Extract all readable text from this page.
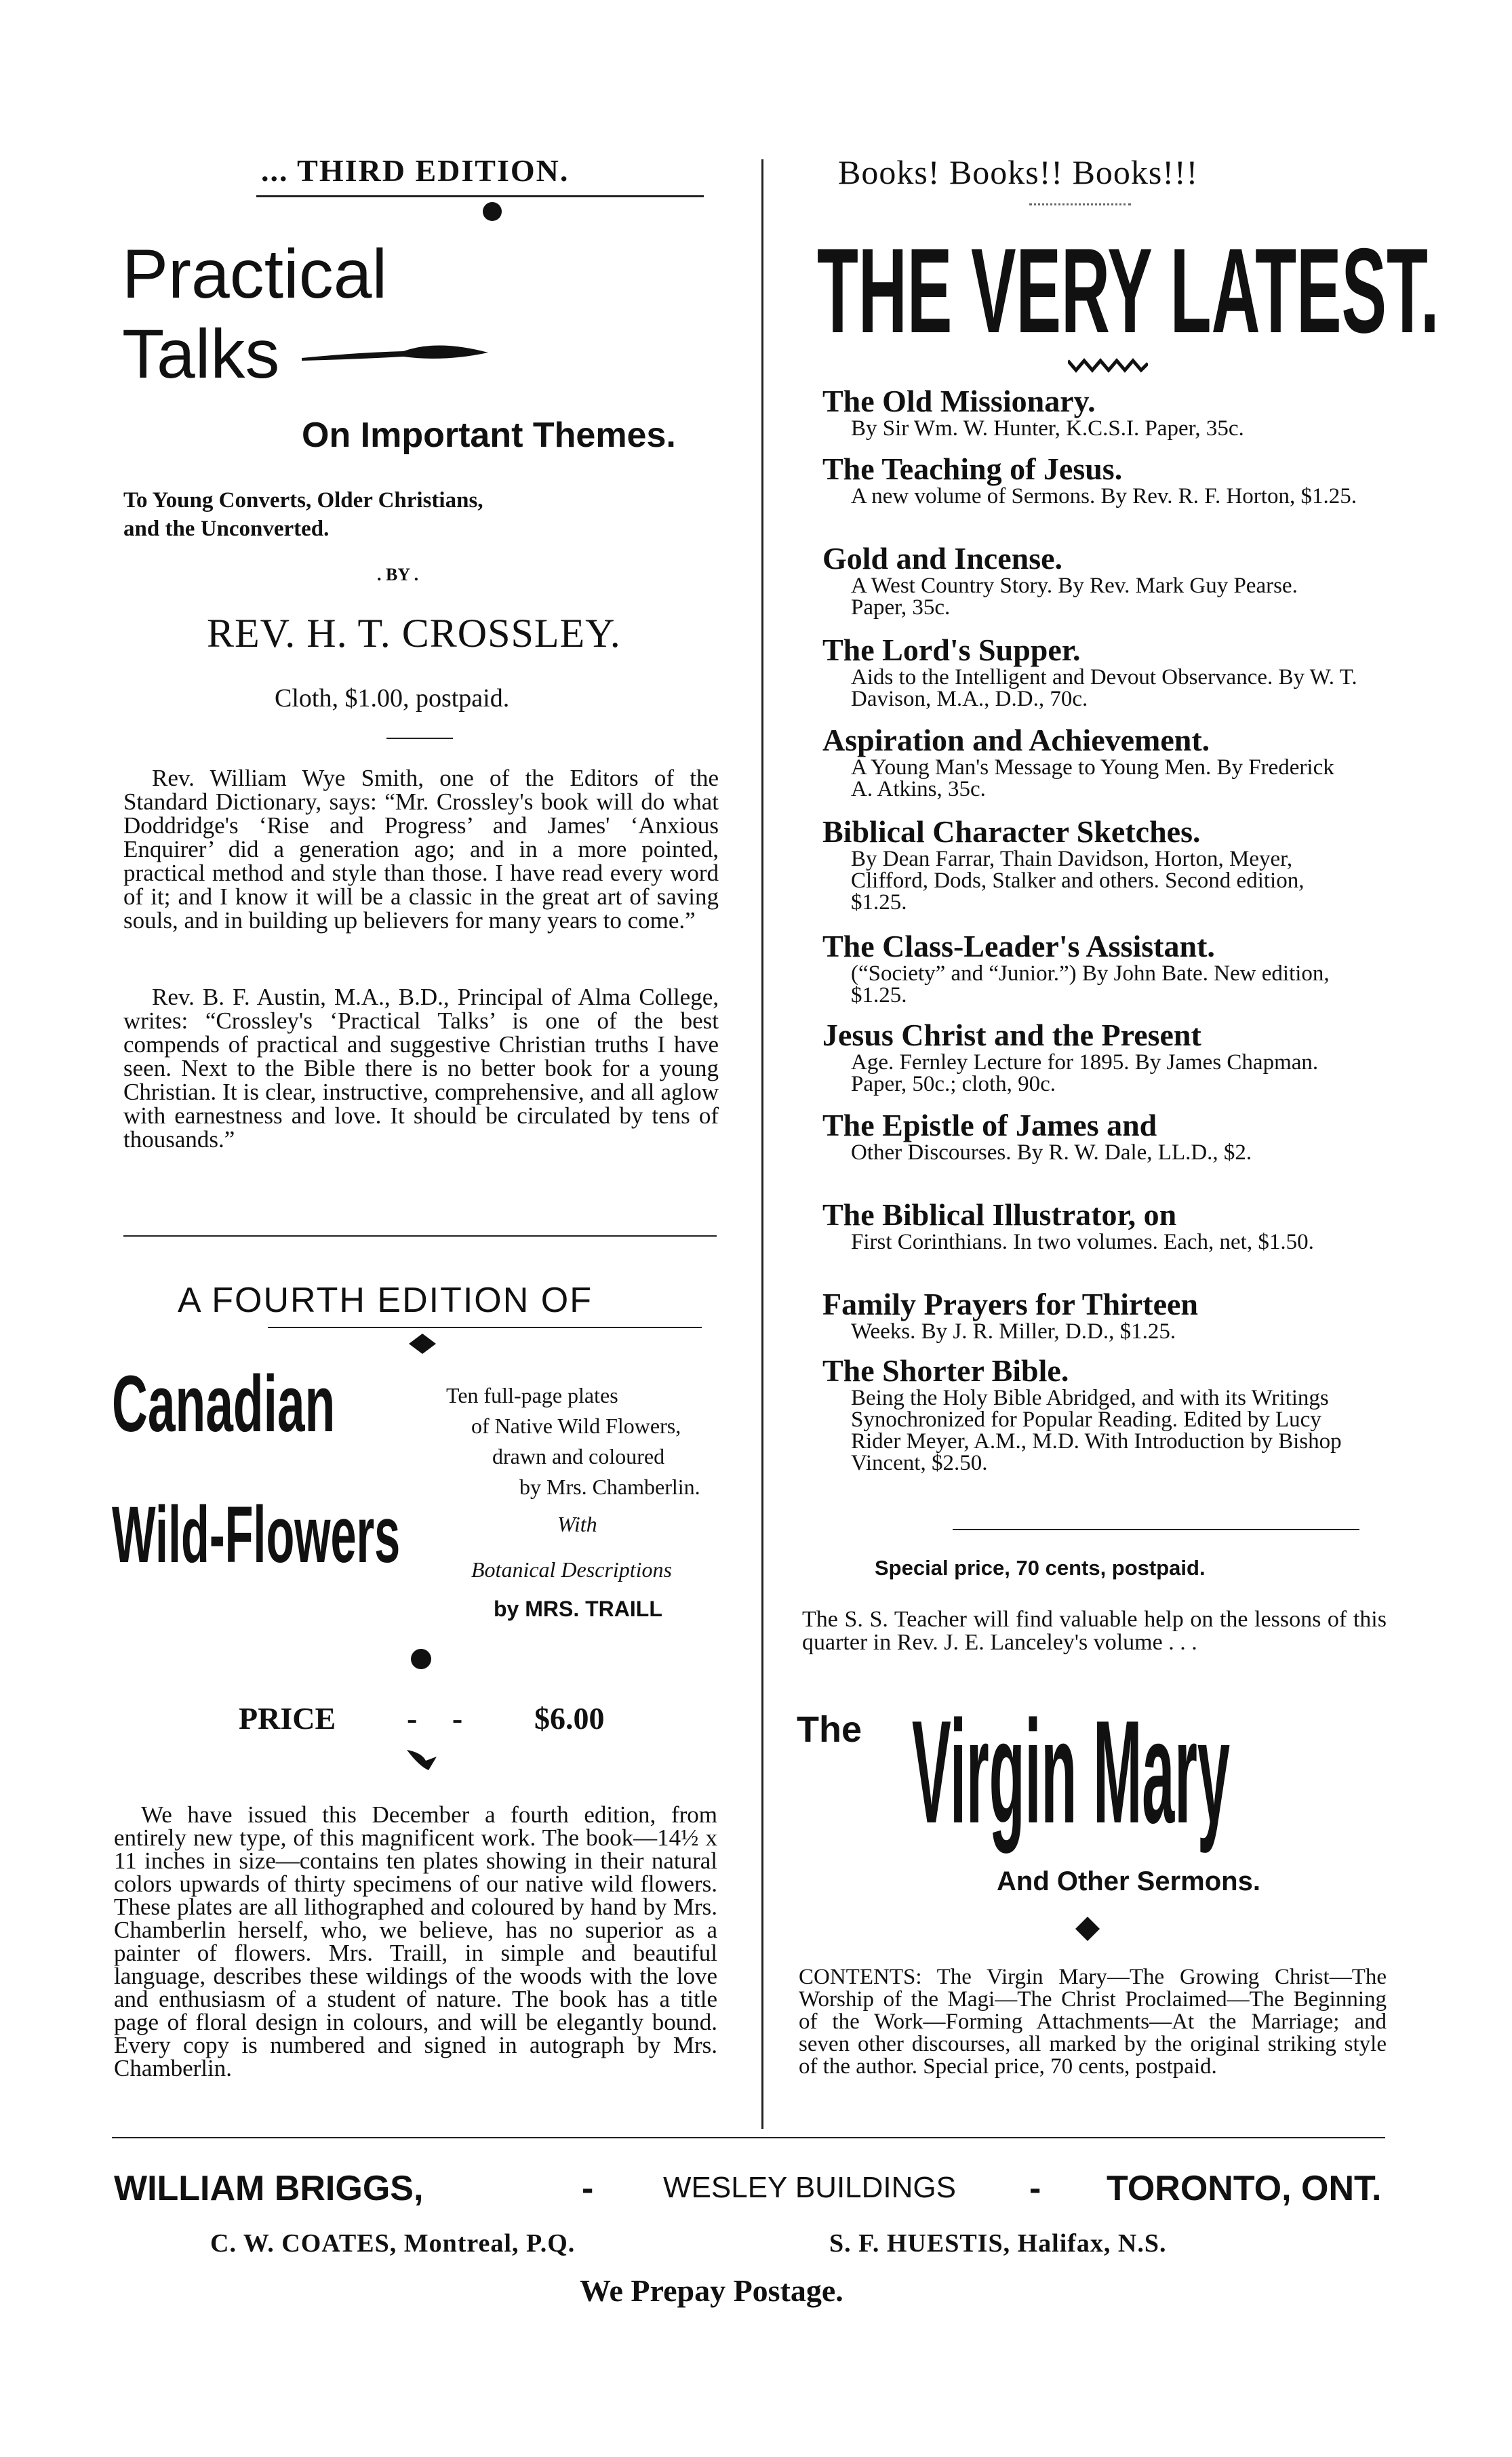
... THIRD EDITION.
Practical
Talks
On Important Themes.
To Young Converts, Older Christians,
and the Unconverted.
. BY .
REV. H. T. CROSSLEY.
Cloth, $1.00, postpaid.
Rev. William Wye Smith, one of the Editors of the Standard Dictionary, says: “Mr. Crossley's book will do what Doddridge's ‘Rise and Progress’ and James' ‘Anxious Enquirer’ did a generation ago; and in a more pointed, practical method and style than those. I have read every word of it; and I know it will be a classic in the great art of saving souls, and in building up believers for many years to come.”
Rev. B. F. Austin, M.A., B.D., Principal of Alma College, writes: “Crossley's ‘Practical Talks’ is one of the best compends of practical and suggestive Christian truths I have seen. Next to the Bible there is no better book for a young Christian. It is clear, instructive, comprehensive, and all aglow with earnestness and love. It should be circulated by tens of thousands.”
A FOURTH EDITION OF
Canadian
Wild-Flowers
Ten full-page plates
of Native Wild Flowers,
drawn and coloured
by Mrs. Chamberlin.
With
Botanical Descriptions
by MRS. TRAILL
PRICE - - $6.00
We have issued this December a fourth edition, from entirely new type, of this magnificent work. The book—14½ x 11 inches in size—contains ten plates showing in their natural colors upwards of thirty specimens of our native wild flowers. These plates are all lithographed and coloured by hand by Mrs. Chamberlin herself, who, we believe, has no superior as a painter of flowers. Mrs. Traill, in simple and beautiful language, describes these wildings of the woods with the love and enthusiasm of a student of nature. The book has a title page of floral design in colours, and will be elegantly bound. Every copy is numbered and signed in autograph by Mrs. Chamberlin.
Books! Books!! Books!!!
THE VERY LATEST.
The Old Missionary.
By Sir Wm. W. Hunter, K.C.S.I. Paper, 35c.
The Teaching of Jesus.
A new volume of Sermons. By Rev. R. F. Horton, $1.25.
Gold and Incense.
A West Country Story. By Rev. Mark Guy Pearse. Paper, 35c.
The Lord's Supper.
Aids to the Intelligent and Devout Observance. By W. T. Davison, M.A., D.D., 70c.
Aspiration and Achievement.
A Young Man's Message to Young Men. By Frederick A. Atkins, 35c.
Biblical Character Sketches.
By Dean Farrar, Thain Davidson, Horton, Meyer, Clifford, Dods, Stalker and others. Second edition, $1.25.
The Class-Leader's Assistant.
(“Society” and “Junior.”) By John Bate. New edition, $1.25.
Jesus Christ and the Present
Age. Fernley Lecture for 1895. By James Chapman. Paper, 50c.; cloth, 90c.
The Epistle of James and
Other Discourses. By R. W. Dale, LL.D., $2.
The Biblical Illustrator, on
First Corinthians. In two volumes. Each, net, $1.50.
Family Prayers for Thirteen
Weeks. By J. R. Miller, D.D., $1.25.
The Shorter Bible.
Being the Holy Bible Abridged, and with its Writings Synochronized for Popular Reading. Edited by Lucy Rider Meyer, A.M., M.D. With Introduction by Bishop Vincent, $2.50.
Special price, 70 cents, postpaid.
The S. S. Teacher will find valuable help on the lessons of this quarter in Rev. J. E. Lanceley's volume . . .
The Virgin Mary
And Other Sermons.
CONTENTS: The Virgin Mary—The Growing Christ—The Worship of the Magi—The Christ Proclaimed—The Beginning of the Work—Forming Attachments—At the Marriage; and seven other discourses, all marked by the original striking style of the author. Special price, 70 cents, postpaid.
WILLIAM BRIGGS,	- WESLEY BUILDINGS - TORONTO, ONT.
C. W. COATES, Montreal, P.Q.	S. F. HUESTIS, Halifax, N.S.
We Prepay Postage.
